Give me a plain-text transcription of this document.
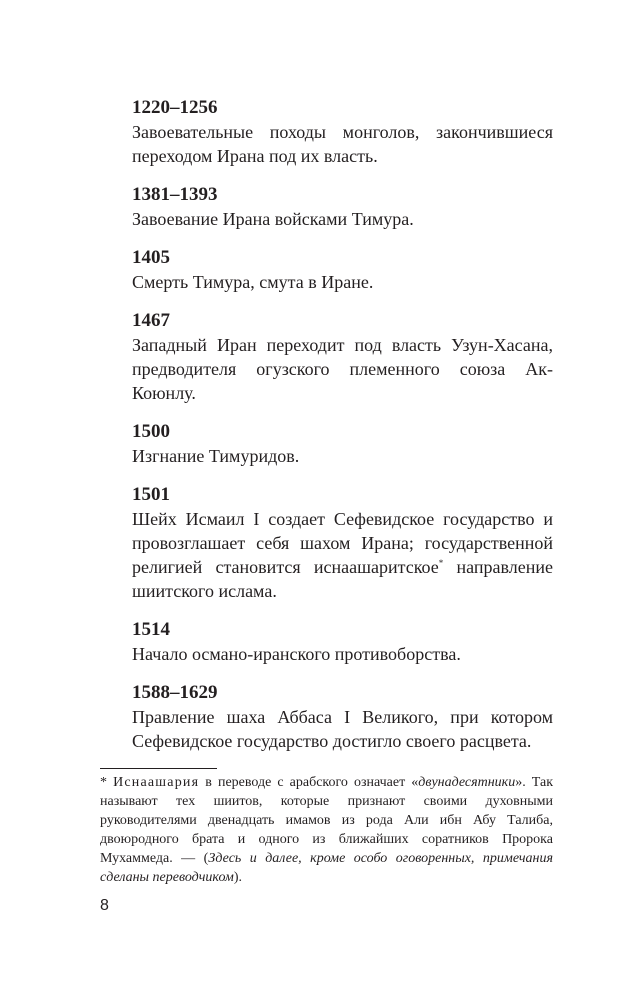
1220–1256
Завоевательные походы монголов, закончившиеся переходом Ирана под их власть.
1381–1393
Завоевание Ирана войсками Тимура.
1405
Смерть Тимура, смута в Иране.
1467
Западный Иран переходит под власть Узун-Хасана, предводителя огузского племенного союза Ак-Коюнлу.
1500
Изгнание Тимуридов.
1501
Шейх Исмаил I создает Сефевидское государство и провозглашает себя шахом Ирана; государственной религией становится иснаашаритское* направление шиитского ислама.
1514
Начало османо-иранского противоборства.
1588–1629
Правление шаха Аббаса I Великого, при котором Сефевидское государство достигло своего расцвета.
* Иснаашария в переводе с арабского означает «двунадесятники». Так называют тех шиитов, которые признают своими духовными руководителями двенадцать имамов из рода Али ибн Абу Талиба, двоюродного брата и одного из ближайших соратников Пророка Мухаммеда. — (Здесь и далее, кроме особо оговоренных, примечания сделаны переводчиком).
8
